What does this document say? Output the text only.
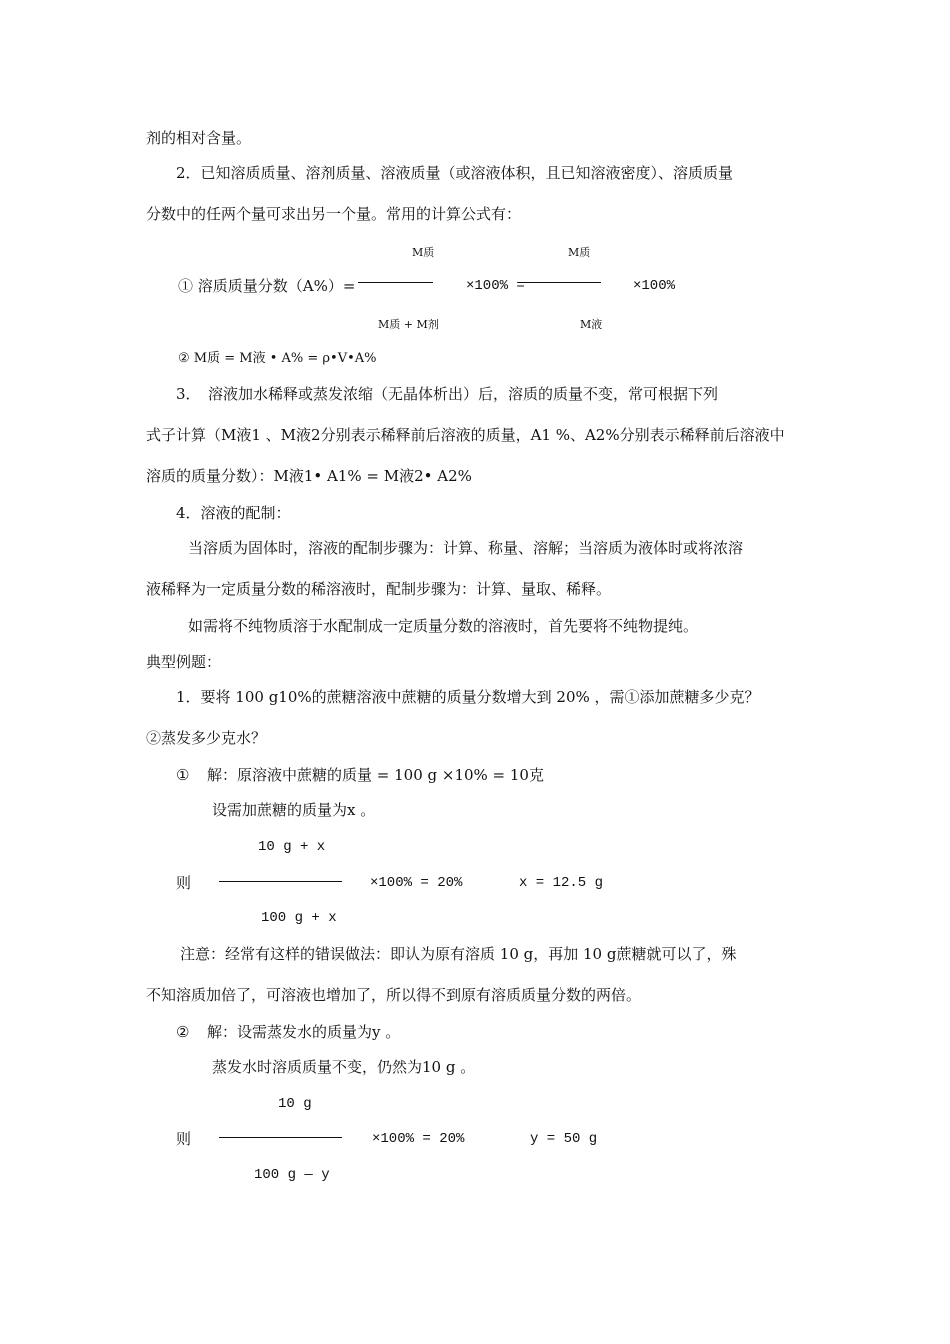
剂的相对含量。
2．已知溶质质量、溶剂质量、溶液质量（或溶液体积，且已知溶液密度）、溶质质量
分数中的任两个量可求出另一个量。常用的计算公式有：
M质	M质
① 溶质质量分数（A%）=	×100% =	×100%
M质 + M剂	M液
② M质 = M液 • A% = ρ•V•A%
3．　溶液加水稀释或蒸发浓缩（无晶体析出）后，溶质的质量不变，常可根据下列
式子计算（M液1 、M液2分别表示稀释前后溶液的质量，A1 %、A2%分别表示稀释前后溶液中
溶质的质量分数）：M液1• A1% = M液2• A2%
4．溶液的配制：
当溶质为固体时，溶液的配制步骤为：计算、称量、溶解；当溶质为液体时或将浓溶
液稀释为一定质量分数的稀溶液时，配制步骤为：计算、量取、稀释。
如需将不纯物质溶于水配制成一定质量分数的溶液时，首先要将不纯物提纯。
典型例题：
1．要将 100 g10%的蔗糖溶液中蔗糖的质量分数增大到 20% ，需①添加蔗糖多少克？
②蒸发多少克水？
① 解：原溶液中蔗糖的质量 = 100 g ×10% = 10克
设需加蔗糖的质量为x 。
10 g + x
则	×100% = 20%	x = 12.5 g
100 g + x
注意：经常有这样的错误做法：即认为原有溶质 10 g，再加 10 g蔗糖就可以了，殊
不知溶质加倍了，可溶液也增加了，所以得不到原有溶质质量分数的两倍。
② 解：设需蒸发水的质量为y 。
蒸发水时溶质质量不变，仍然为10 g 。
10 g
则	×100% = 20%	y = 50 g
100 g — y
